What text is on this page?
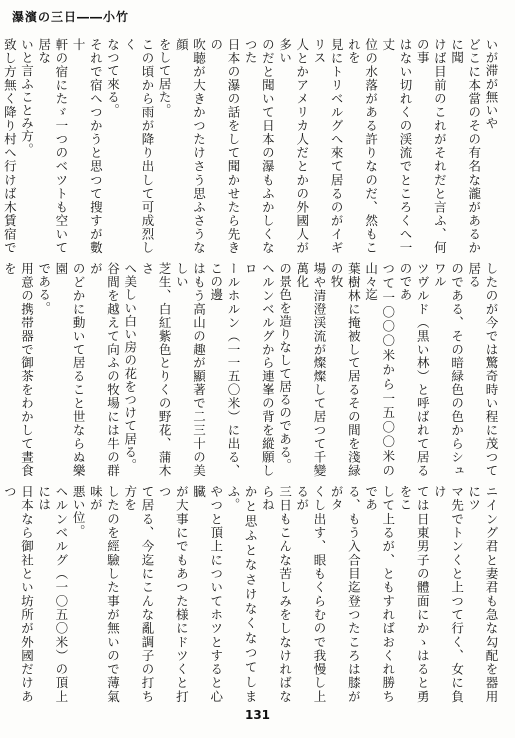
瀑濱の三日――小竹
いが滞が無いや
どこに本當のその有名な瀧があるかに聞
けば目前のこれがそれだと言ふ、何の事
はない切れくの渓流でところくへ一丈
位の水落がある許りなのだ、然もこれを
見にトリベルグへ來て居るのがイギリス
人とかアメリカ人だとかの外國人が多い
のだと聞いて日本の瀑もふかしくなつた
日本の瀑の話をして聞かせたら先きの
吹聴が大きかつたけさう思ふさうな顔
をして居た。
この頃から雨が降り出して可成烈しく
なつて來る。
それで宿へつかうと思つて搜すが數十
軒の宿にたゞ一つのベツトも空いて居な
いと言ふことみ方。
致し方無く降り村へ行けば木賃宿で
したのが今では驚奇時い程に茂つて居る
のである、その暗緑色の色からシュワル
ツヴルド（黒い林）と呼ばれて居るのであ
つて一〇〇〇米から一五〇〇米の山々迄
葉樹林に掩被して居るその間を淺緑の牧
場や清澄渓流が燦燦して居つて千變萬化
の景色を造りなして居るのである。
ヘルンベルグから連峯の背を縱願しロ
ールホルン（一一五〇米）に出る、この邊
はもう高山の趣が顯著で二三十の美しい
芝生、白紅紫色とりくの野花、蒲木さ
へ美しい白い房の花をつけて居る。
谷間を越えて向ふの牧場には牛の群が
のどかに動いて居ること世ならぬ樂園
である。
用意の携帯器で御茶をわかして晝食を
ニイング君と妻君も急な勾配を器用にツ
マ先でトンくと上つて行く、女に負け
ては日東男子の體面にかゝはると勇をこ
して上るが、ともすればおくれ勝ちであ
る、もう入合目迄登つたころは膝ががタ
くし出す、眼もくらむので我慢し上るが
三日もこんな苦しみをしなければならね
かと思ふとなさけなくなつてしまふ。
やつと頂上についてホツとすると心臓
が大事にでもあつた様にドツくと打つ
て居る、今迄にこんな亂調子の打ち方を
したのを經驗した事が無いので薄氣味が
悪い位。
ヘルンベルグ（一〇五〇米）の頂上には
日本なら御社とい坊所が外國だけあつ
131
